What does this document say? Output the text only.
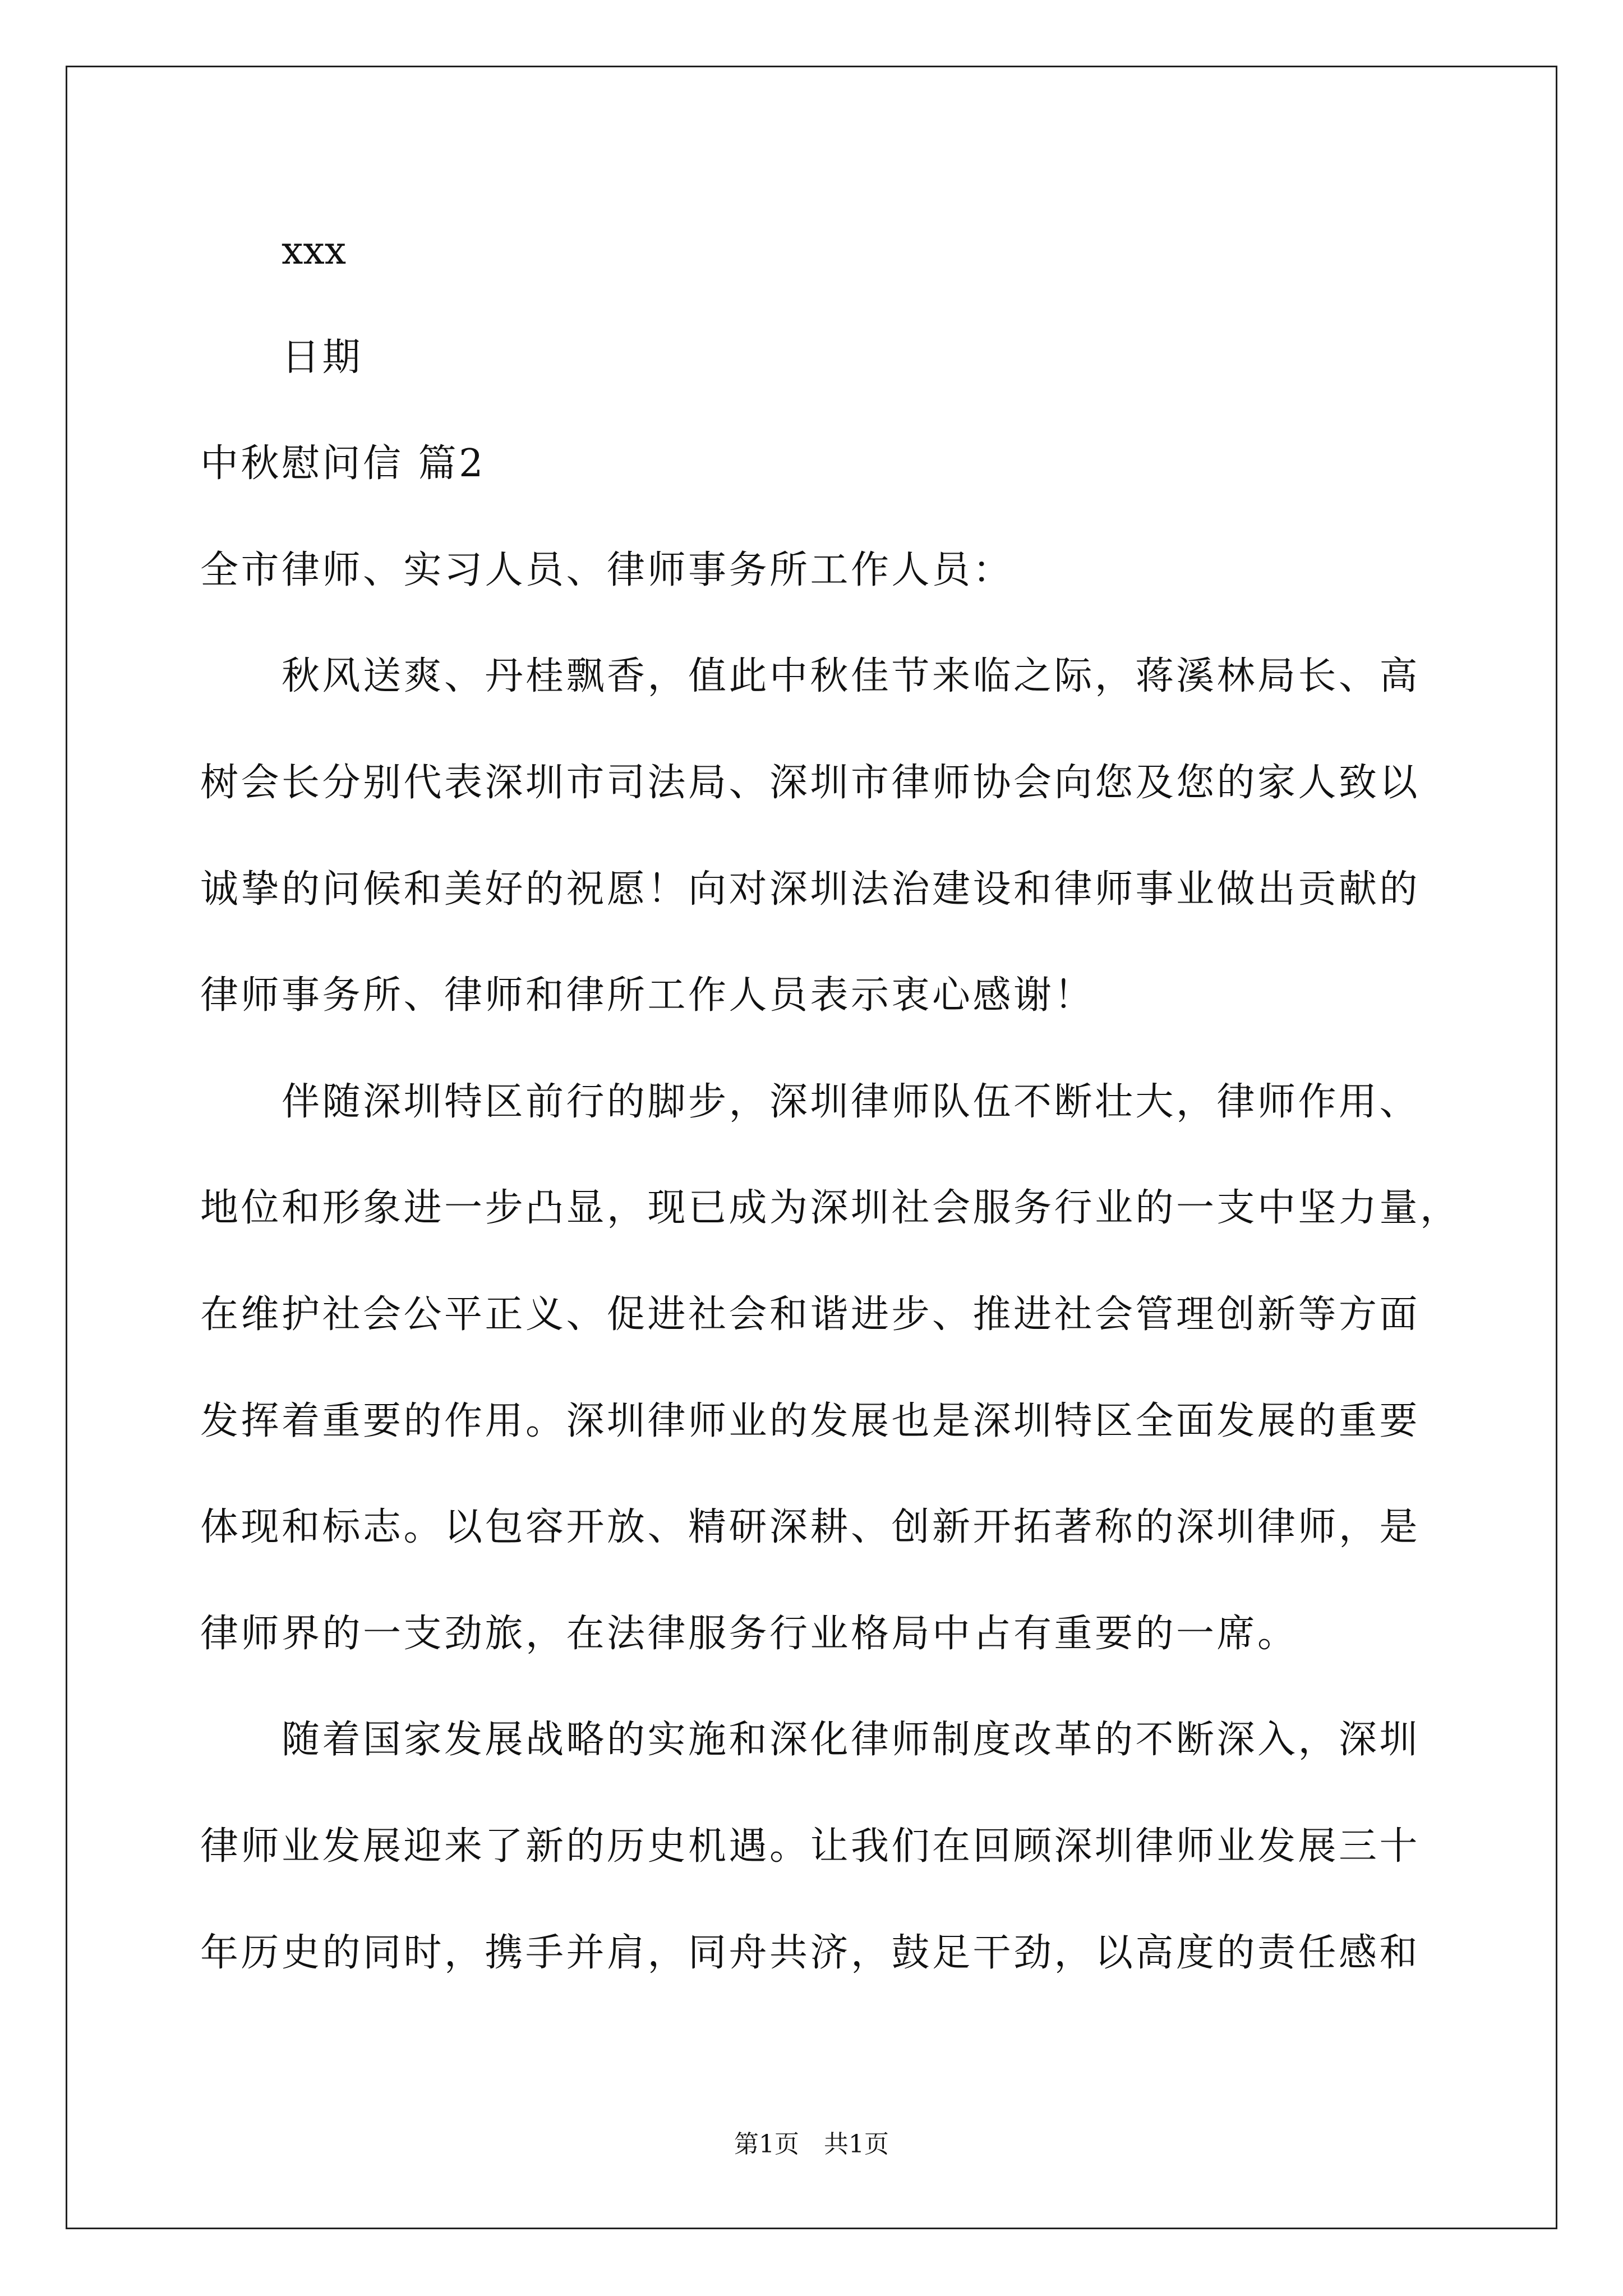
xxx
日期
中秋慰问信 篇2
全市律师、实习人员、律师事务所工作人员：
秋风送爽、丹桂飘香，值此中秋佳节来临之际，蒋溪林局长、高
树会长分别代表深圳市司法局、深圳市律师协会向您及您的家人致以
诚挚的问候和美好的祝愿！向对深圳法治建设和律师事业做出贡献的
律师事务所、律师和律所工作人员表示衷心感谢！
伴随深圳特区前行的脚步，深圳律师队伍不断壮大，律师作用、
地位和形象进一步凸显，现已成为深圳社会服务行业的一支中坚力量，
在维护社会公平正义、促进社会和谐进步、推进社会管理创新等方面
发挥着重要的作用。深圳律师业的发展也是深圳特区全面发展的重要
体现和标志。以包容开放、精研深耕、创新开拓著称的深圳律师，是
律师界的一支劲旅，在法律服务行业格局中占有重要的一席。
随着国家发展战略的实施和深化律师制度改革的不断深入，深圳
律师业发展迎来了新的历史机遇。让我们在回顾深圳律师业发展三十
年历史的同时，携手并肩，同舟共济，鼓足干劲，以高度的责任感和
第1页 共1页
